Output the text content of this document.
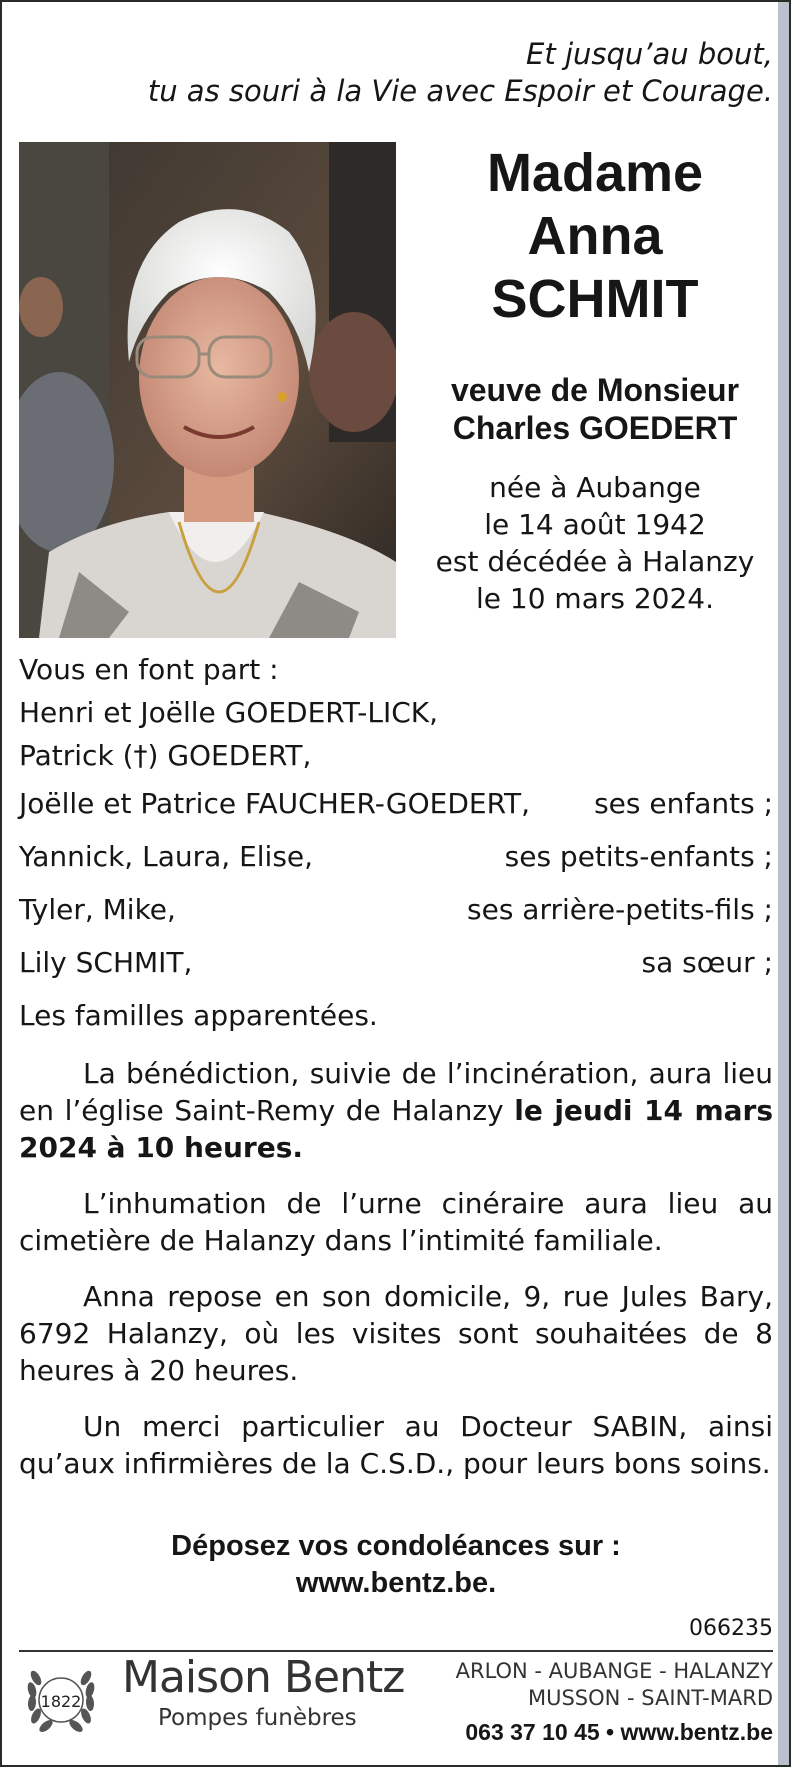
Et jusqu’au bout,
tu as souri à la Vie avec Espoir et Courage.
Madame
Anna
SCHMIT
veuve de Monsieur
Charles GOEDERT
née à Aubange
le 14 août 1942
est décédée à Halanzy
le 10 mars 2024.
Vous en font part :
Henri et Joëlle GOEDERT-LICK,
Patrick (†) GOEDERT,
Joëlle et Patrice FAUCHER-GOEDERT, ses enfants ;
Yannick, Laura, Elise,	ses petits-enfants ;
Tyler, Mike,	ses arrière-petits-fils ;
Lily SCHMIT,	sa sœur ;
Les familles apparentées.

La bénédiction, suivie de l’incinération, aura lieu en l’église Saint-Remy de Halanzy le jeudi 14 mars 2024 à 10 heures.

L’inhumation de l’urne cinéraire aura lieu au cimetière de Halanzy dans l’intimité familiale.

Anna repose en son domicile, 9, rue Jules Bary, 6792 Halanzy, où les visites sont souhaitées de 8 heures à 20 heures.

Un merci particulier au Docteur SABIN, ainsi qu’aux infirmières de la C.S.D., pour leurs bons soins.

Déposez vos condoléances sur :
www.bentz.be.
066235
1822 Maison Bentz
Pompes funèbres
ARLON - AUBANGE - HALANZY
MUSSON - SAINT-MARD
063 37 10 45 • www.bentz.be
